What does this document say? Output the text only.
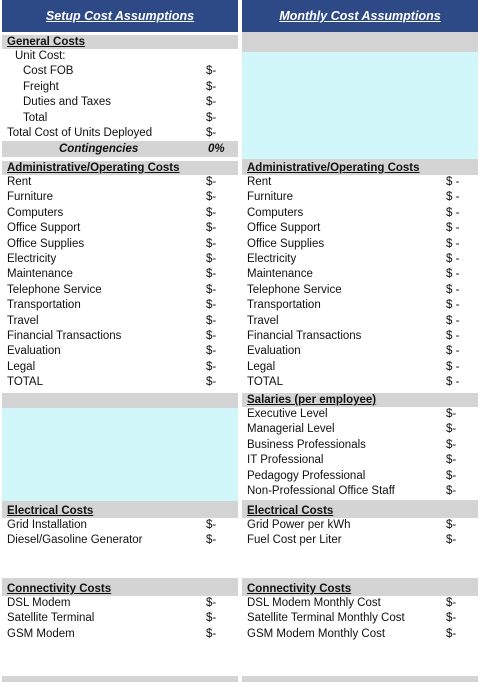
Setup Cost Assumptions
General Costs
Unit Cost:
Cost FOB	$-
Freight	$-
Duties and Taxes	$-
Total	$-
Total Cost of Units Deployed	$-
Contingencies	0%
Administrative/Operating Costs
Rent	$-
Furniture	$-
Computers	$-
Office Support	$-
Office Supplies	$-
Electricity	$-
Maintenance	$-
Telephone Service	$-
Transportation	$-
Travel	$-
Financial Transactions	$-
Evaluation	$-
Legal	$-
TOTAL	$-
Electrical Costs
Grid Installation	$-
Diesel/Gasoline Generator	$-
Connectivity Costs
DSL Modem	$-
Satellite Terminal	$-
GSM Modem	$-
Monthly Cost Assumptions
Administrative/Operating Costs
Rent	$ -
Furniture	$ -
Computers	$ -
Office Support	$ -
Office Supplies	$ -
Electricity	$ -
Maintenance	$ -
Telephone Service	$ -
Transportation	$ -
Travel	$ -
Financial Transactions	$ -
Evaluation	$ -
Legal	$ -
TOTAL	$ -
Salaries (per employee)
Executive Level	$-
Managerial Level	$-
Business Professionals	$-
IT Professional	$-
Pedagogy Professional	$-
Non-Professional Office Staff	$-
Electrical Costs
Grid Power per kWh	$-
Fuel Cost per Liter	$-
Connectivity Costs
DSL Modem Monthly Cost	$-
Satellite Terminal Monthly Cost	$-
GSM Modem Monthly Cost	$-
